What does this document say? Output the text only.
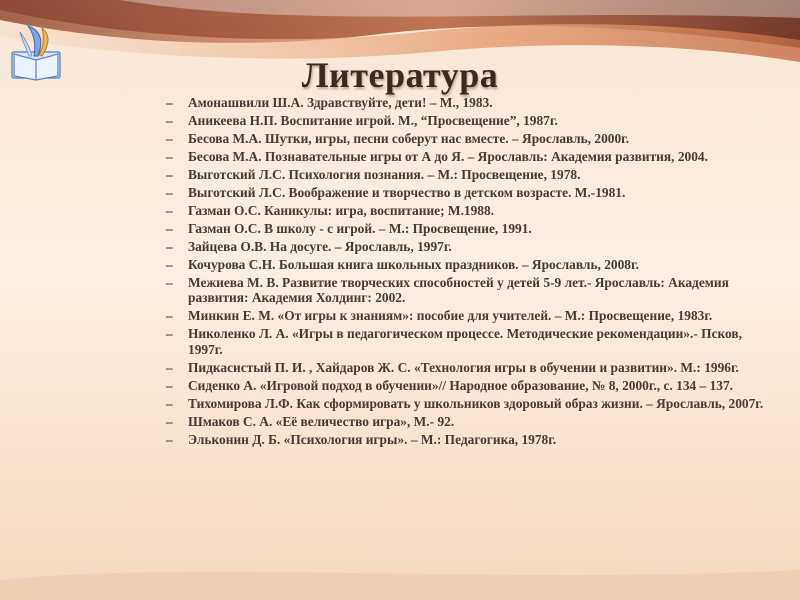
Литература
–	Амонашвили Ш.А. Здравствуйте, дети! – М., 1983.
–	Аникеева Н.П. Воспитание игрой. М., “Просвещение”, 1987г.
–	Бесова М.А. Шутки, игры, песни соберут нас вместе. – Ярославль, 2000г.
–	Бесова М.А. Познавательные игры от А до Я. – Ярославль: Академия развития, 2004.
–	Выготский Л.С. Психология познания. – М.: Просвещение, 1978.
–	Выготский Л.С. Воображение и творчество в детском возрасте. М.-1981.
–	Газман О.С. Каникулы: игра, воспитание; М.1988.
–	Газман О.С. В школу - с игрой. – М.: Просвещение, 1991.
–	Зайцева О.В. На досуге. – Ярославль, 1997г.
–	Кочурова С.Н. Большая книга школьных праздников. – Ярославль, 2008г.
–	Межиева М. В. Развитие творческих способностей у детей 5-9 лет.- Ярославль: Академия развития: Академия Холдинг: 2002.
–	Минкин Е. М. «От игры к знаниям»: пособие для учителей. – М.: Просвещение, 1983г.
–	Николенко Л. А. «Игры в педагогическом процессе. Методические рекомендации».- Псков, 1997г.
–	Пидкасистый П. И. , Хайдаров Ж. С. «Технология игры в обучении и развитии». М.: 1996г.
–	Сиденко А. «Игровой подход в обучении»// Народное образование, № 8, 2000г., с. 134 – 137.
–	Тихомирова Л.Ф. Как сформировать у школьников здоровый образ жизни. – Ярославль, 2007г.
–	Шмаков С. А. «Её величество игра», М.- 92.
–	Эльконин Д. Б. «Психология игры». – М.: Педагогика, 1978г.
